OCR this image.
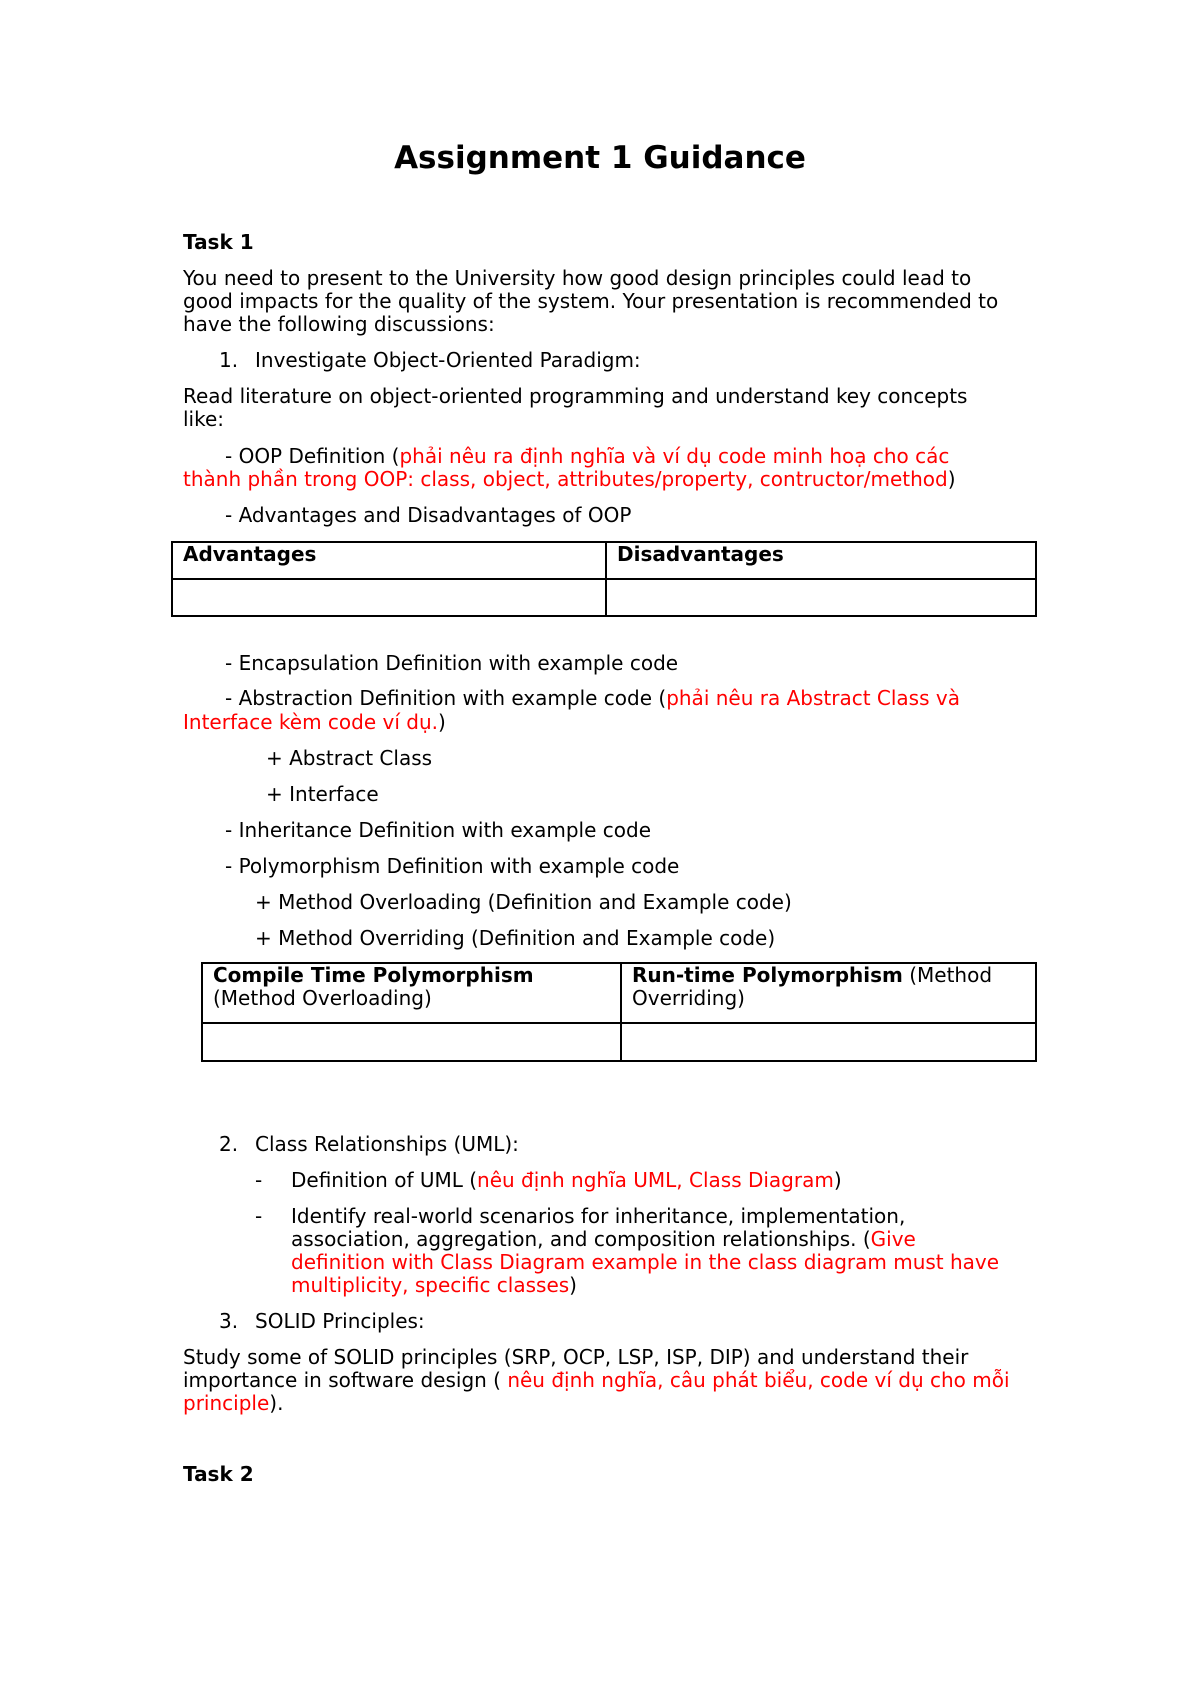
Assignment 1 Guidance
Task 1
You need to present to the University how good design principles could lead to
good impacts for the quality of the system. Your presentation is recommended to
have the following discussions:
1. Investigate Object-Oriented Paradigm:
Read literature on object-oriented programming and understand key concepts
like:
- OOP Definition (phải nêu ra định nghĩa và ví dụ code minh hoạ cho các
thành phần trong OOP: class, object, attributes/property, contructor/method)
- Advantages and Disadvantages of OOP
Advantages	Disadvantages

- Encapsulation Definition with example code
- Abstraction Definition with example code (phải nêu ra Abstract Class và
Interface kèm code ví dụ.)
+ Abstract Class
+ Interface
- Inheritance Definition with example code
- Polymorphism Definition with example code
+ Method Overloading (Definition and Example code)
+ Method Overriding (Definition and Example code)
Compile Time Polymorphism
(Method Overloading)	Run-time Polymorphism (Method
Overriding)

2. Class Relationships (UML):
- Definition of UML (nêu định nghĩa UML, Class Diagram)
- Identify real-world scenarios for inheritance, implementation,
association, aggregation, and composition relationships. (Give
definition with Class Diagram example in the class diagram must have
multiplicity, specific classes)
3. SOLID Principles:
Study some of SOLID principles (SRP, OCP, LSP, ISP, DIP) and understand their
importance in software design ( nêu định nghĩa, câu phát biểu, code ví dụ cho mỗi
principle).
Task 2
